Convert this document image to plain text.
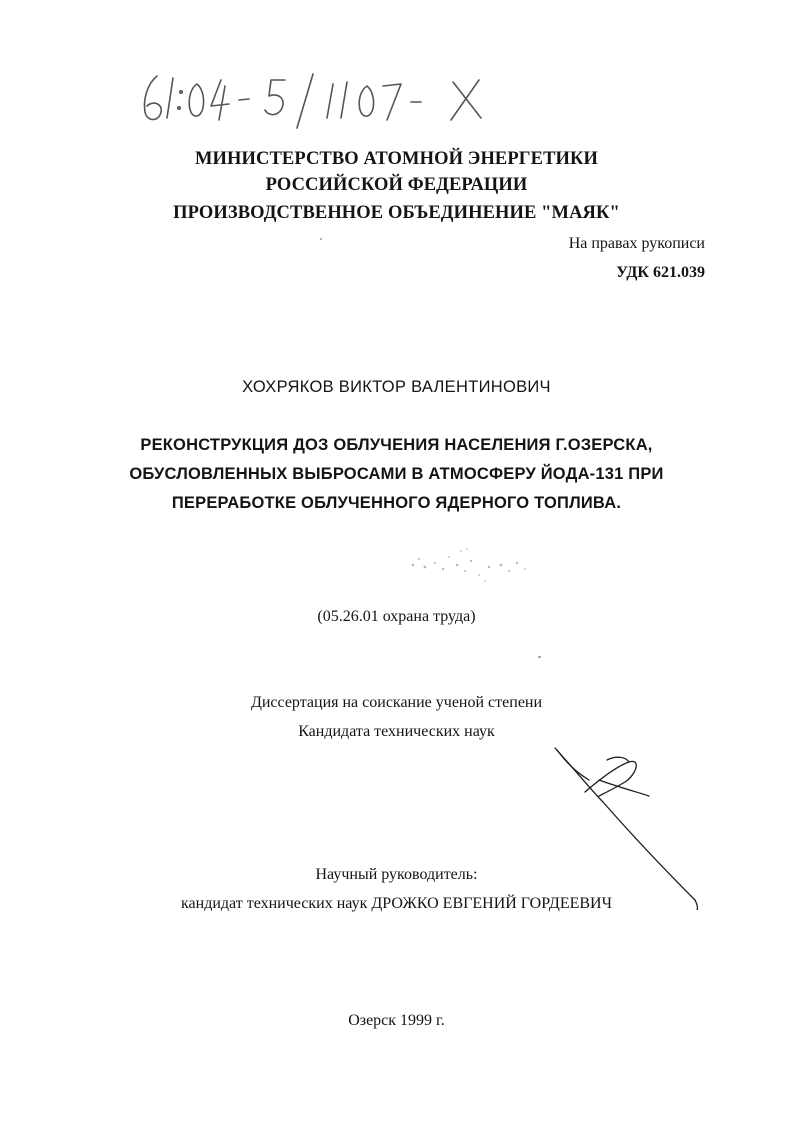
МИНИСТЕРСТВО АТОМНОЙ ЭНЕРГЕТИКИ
РОССИЙСКОЙ ФЕДЕРАЦИИ
ПРОИЗВОДСТВЕННОЕ ОБЪЕДИНЕНИЕ "МАЯК"
На правах рукописи
УДК 621.039
ХОХРЯКОВ ВИКТОР ВАЛЕНТИНОВИЧ
РЕКОНСТРУКЦИЯ ДОЗ ОБЛУЧЕНИЯ НАСЕЛЕНИЯ Г.ОЗЕРСКА,
ОБУСЛОВЛЕННЫХ ВЫБРОСАМИ В АТМОСФЕРУ ЙОДА-131 ПРИ
ПЕРЕРАБОТКЕ ОБЛУЧЕННОГО ЯДЕРНОГО ТОПЛИВА.
(05.26.01 охрана труда)
Диссертация на соискание ученой степени
Кандидата технических наук
Научный руководитель:
кандидат технических наук ДРОЖКО ЕВГЕНИЙ ГОРДЕЕВИЧ
Озерск 1999 г.
